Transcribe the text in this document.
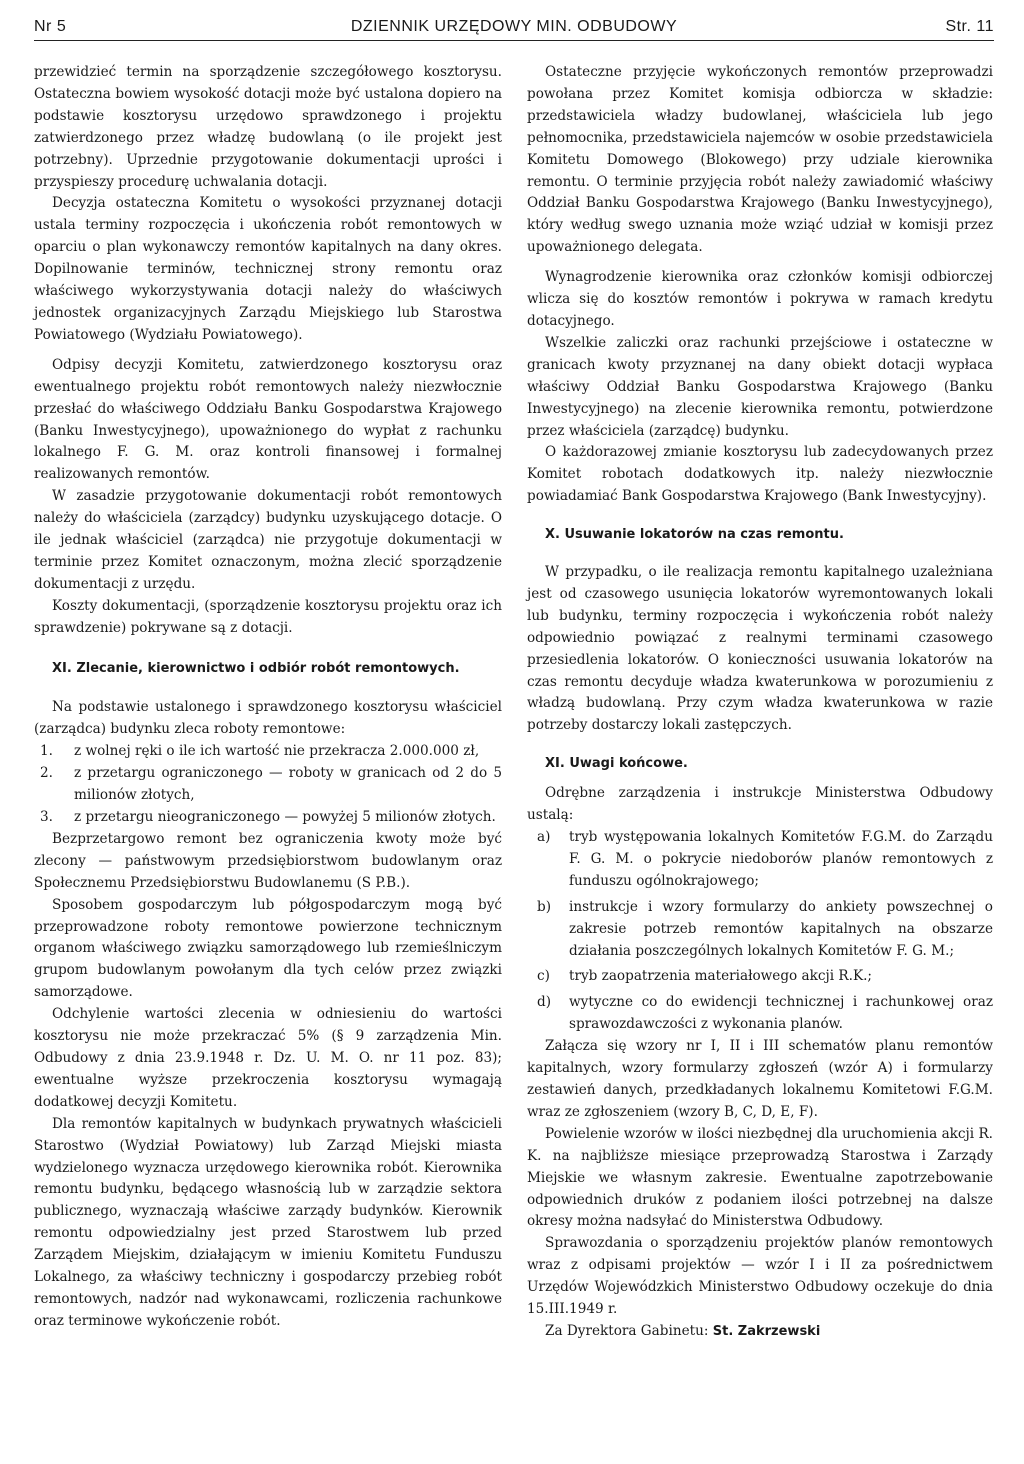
Nr 5	DZIENNIK URZĘDOWY MIN. ODBUDOWY	Str. 11

przewidzieć termin na sporządzenie szczegółowego kosztorysu. Ostateczna bowiem wysokość dotacji może być ustalona dopiero na podstawie kosztorysu urzędowo sprawdzonego i projektu zatwierdzonego przez władzę budowlaną (o ile projekt jest potrzebny). Uprzednie przygotowanie dokumentacji uprości i przyspieszy procedurę uchwalania dotacji.

Decyzja ostateczna Komitetu o wysokości przyznanej dotacji ustala terminy rozpoczęcia i ukończenia robót remontowych w oparciu o plan wykonawczy remontów kapitalnych na dany okres. Dopilnowanie terminów, technicznej strony remontu oraz właściwego wykorzystywania dotacji należy do właściwych jednostek organizacyjnych Zarządu Miejskiego lub Starostwa Powiatowego (Wydziału Powiatowego).

Odpisy decyzji Komitetu, zatwierdzonego kosztorysu oraz ewentualnego projektu robót remontowych należy niezwłocznie przesłać do właściwego Oddziału Banku Gospodarstwa Krajowego (Banku Inwestycyjnego), upoważnionego do wypłat z rachunku lokalnego F. G. M. oraz kontroli finansowej i formalnej realizowanych remontów.

W zasadzie przygotowanie dokumentacji robót remontowych należy do właściciela (zarządcy) budynku uzyskującego dotacje. O ile jednak właściciel (zarządca) nie przygotuje dokumentacji w terminie przez Komitet oznaczonym, można zlecić sporządzenie dokumentacji z urzędu.

Koszty dokumentacji, (sporządzenie kosztorysu projektu oraz ich sprawdzenie) pokrywane są z dotacji.

XI. Zlecanie, kierownictwo i odbiór robót remontowych.

Na podstawie ustalonego i sprawdzonego kosztorysu właściciel (zarządca) budynku zleca roboty remontowe:

1.	z wolnej ręki o ile ich wartość nie przekracza 2.000.000 zł,
2.	z przetargu ograniczonego — roboty w granicach od 2 do 5 milionów złotych,
3.	z przetargu nieograniczonego — powyżej 5 milionów złotych.

Bezprzetargowo remont bez ograniczenia kwoty może być zlecony — państwowym przedsiębiorstwom budowlanym oraz Społecznemu Przedsiębiorstwu Budowlanemu (S P.B.).

Sposobem gospodarczym lub półgospodarczym mogą być przeprowadzone roboty remontowe powierzone technicznym organom właściwego związku samorządowego lub rzemieślniczym grupom budowlanym powołanym dla tych celów przez związki samorządowe.

Odchylenie wartości zlecenia w odniesieniu do wartości kosztorysu nie może przekraczać 5% (§ 9 zarządzenia Min. Odbudowy z dnia 23.9.1948 r. Dz. U. M. O. nr 11 poz. 83); ewentualne wyższe przekroczenia kosztorysu wymagają dodatkowej decyzji Komitetu.

Dla remontów kapitalnych w budynkach prywatnych właścicieli Starostwo (Wydział Powiatowy) lub Zarząd Miejski miasta wydzielonego wyznacza urzędowego kierownika robót. Kierownika remontu budynku, będącego własnością lub w zarządzie sektora publicznego, wyznaczają właściwe zarządy budynków. Kierownik remontu odpowiedzialny jest przed Starostwem lub przed Zarządem Miejskim, działającym w imieniu Komitetu Funduszu Lokalnego, za właściwy techniczny i gospodarczy przebieg robót remontowych, nadzór nad wykonawcami, rozliczenia rachunkowe oraz terminowe wykończenie robót.

Ostateczne przyjęcie wykończonych remontów przeprowadzi powołana przez Komitet komisja odbiorcza w składzie: przedstawiciela władzy budowlanej, właściciela lub jego pełnomocnika, przedstawiciela najemców w osobie przedstawiciela Komitetu Domowego (Blokowego) przy udziale kierownika remontu. O terminie przyjęcia robót należy zawiadomić właściwy Oddział Banku Gospodarstwa Krajowego (Banku Inwestycyjnego), który według swego uznania może wziąć udział w komisji przez upoważnionego delegata.

Wynagrodzenie kierownika oraz członków komisji odbiorczej wlicza się do kosztów remontów i pokrywa w ramach kredytu dotacyjnego.

Wszelkie zaliczki oraz rachunki przejściowe i ostateczne w granicach kwoty przyznanej na dany obiekt dotacji wypłaca właściwy Oddział Banku Gospodarstwa Krajowego (Banku Inwestycyjnego) na zlecenie kierownika remontu, potwierdzone przez właściciela (zarządcę) budynku.

O każdorazowej zmianie kosztorysu lub zadecydowanych przez Komitet robotach dodatkowych itp. należy niezwłocznie powiadamiać Bank Gospodarstwa Krajowego (Bank Inwestycyjny).

X. Usuwanie lokatorów na czas remontu.

W przypadku, o ile realizacja remontu kapitalnego uzależniana jest od czasowego usunięcia lokatorów wyremontowanych lokali lub budynku, terminy rozpoczęcia i wykończenia robót należy odpowiednio powiązać z realnymi terminami czasowego przesiedlenia lokatorów. O konieczności usuwania lokatorów na czas remontu decyduje władza kwaterunkowa w porozumieniu z władzą budowlaną. Przy czym władza kwaterunkowa w razie potrzeby dostarczy lokali zastępczych.

XI. Uwagi końcowe.

Odrębne zarządzenia i instrukcje Ministerstwa Odbudowy ustalą:

a)	tryb występowania lokalnych Komitetów F.G.M. do Zarządu F. G. M. o pokrycie niedoborów planów remontowych z funduszu ogólnokrajowego;
b)	instrukcje i wzory formularzy do ankiety powszechnej o zakresie potrzeb remontów kapitalnych na obszarze działania poszczególnych lokalnych Komitetów F. G. M.;
c)	tryb zaopatrzenia materiałowego akcji R.K.;
d)	wytyczne co do ewidencji technicznej i rachunkowej oraz sprawozdawczości z wykonania planów.

Załącza się wzory nr I, II i III schematów planu remontów kapitalnych, wzory formularzy zgłoszeń (wzór A) i formularzy zestawień danych, przedkładanych lokalnemu Komitetowi F.G.M. wraz ze zgłoszeniem (wzory B, C, D, E, F).

Powielenie wzorów w ilości niezbędnej dla uruchomienia akcji R. K. na najbliższe miesiące przeprowadzą Starostwa i Zarządy Miejskie we własnym zakresie. Ewentualne zapotrzebowanie odpowiednich druków z podaniem ilości potrzebnej na dalsze okresy można nadsyłać do Ministerstwa Odbudowy.

Sprawozdania o sporządzeniu projektów planów remontowych wraz z odpisami projektów — wzór I i II za pośrednictwem Urzędów Wojewódzkich Ministerstwo Odbudowy oczekuje do dnia 15.III.1949 r.

Za Dyrektora Gabinetu: St. Zakrzewski
